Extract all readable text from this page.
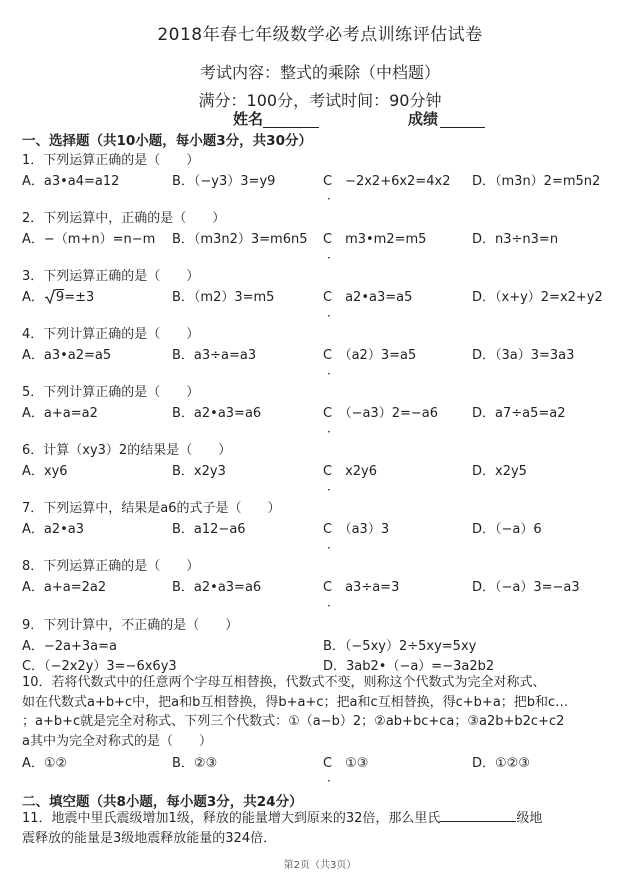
2018年春七年级数学必考点训练评估试卷
考试内容：整式的乘除（中档题）
满分：100分，考试时间：90分钟
姓名	成绩
一、选择题（共10小题，每小题3分，共30分）
1．下列运算正确的是（　　）
A．a3•a4=a12	B．（−y3）3=y9	C　−2x2+6x2=4x2 D．（m3n）2=m5n2
．
2．下列运算中，正确的是（　　）
A．−（m+n）=n−m B．（m3n2）3=m6n5 C　m3•m2=m5	D．n3÷n3=n
．
3．下列运算正确的是（　　）
A． 9=±3	B．（m2）3=m5	C　a2•a3=a5	D．（x+y）2=x2+y2
．
4．下列计算正确的是（　　）
A．a3•a2=a5	B．a3÷a=a3	C　（a2）3=a5	D．（3a）3=3a3
．
5．下列计算正确的是（　　）
A．a+a=a2	B．a2•a3=a6	C　（−a3）2=−a6	D．a7÷a5=a2
．
6．计算（xy3）2的结果是（　　）
A．xy6	B．x2y3	C　x2y6	D．x2y5
．
7．下列运算中，结果是a6的式子是（　　）
A．a2•a3	B．a12−a6	C　（a3）3	D．（−a）6
．
8．下列运算正确的是（　　）
A．a+a=2a2	B．a2•a3=a6	C　a3÷a=3	D．（−a）3=−a3
．
9．下列计算中，不正确的是（　　）
A．−2a+3a=a	B．（−5xy）2÷5xy=5xy
C．（−2x2y）3=−6x6y3	D．3ab2•（−a）=−3a2b2
10．若将代数式中的任意两个字母互相替换，代数式不变，则称这个代数式为完全对称式、
如在代数式a+b+c中，把a和b互相替换，得b+a+c；把a和c互相替换，得c+b+a；把b和c…
；a+b+c就是完全对称式、下列三个代数式：①（a−b）2；②ab+bc+ca；③a2b+b2c+c2
a其中为完全对称式的是（　　）
A．①②	B．②③	C　①③	D．①②③
．
二、填空题（共8小题，每小题3分，共24分）
11．地震中里氏震级增加1级，释放的能量增大到原来的32倍，那么里氏	级地
震释放的能量是3级地震释放能量的324倍．
第2页（共3页）
